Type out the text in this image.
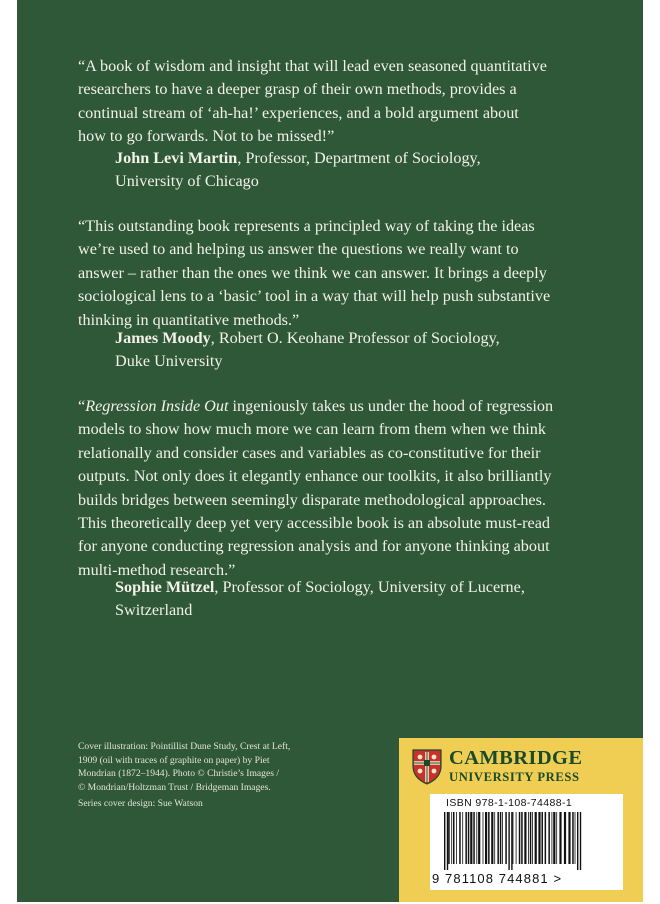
“A book of wisdom and insight that will lead even seasoned quantitative
researchers to have a deeper grasp of their own methods, provides a
continual stream of ‘ah-ha!’ experiences, and a bold argument about
how to go forwards. Not to be missed!”

John Levi Martin, Professor, Department of Sociology,
University of Chicago

“This outstanding book represents a principled way of taking the ideas
we’re used to and helping us answer the questions we really want to
answer – rather than the ones we think we can answer. It brings a deeply
sociological lens to a ‘basic’ tool in a way that will help push substantive
thinking in quantitative methods.”

James Moody, Robert O. Keohane Professor of Sociology,
Duke University

“Regression Inside Out ingeniously takes us under the hood of regression
models to show how much more we can learn from them when we think
relationally and consider cases and variables as co-constitutive for their
outputs. Not only does it elegantly enhance our toolkits, it also brilliantly
builds bridges between seemingly disparate methodological approaches.
This theoretically deep yet very accessible book is an absolute must-read
for anyone conducting regression analysis and for anyone thinking about
multi-method research.”

Sophie Mützel, Professor of Sociology, University of Lucerne,
Switzerland

Cover illustration: Pointillist Dune Study, Crest at Left,
1909 (oil with traces of graphite on paper) by Piet
Mondrian (1872–1944). Photo © Christie’s Images /
© Mondrian/Holtzman Trust / Bridgeman Images.
Series cover design: Sue Watson
CAMBRIDGE
UNIVERSITY PRESS
ISBN 978-1-108-74488-1
9 781108 744881 >
